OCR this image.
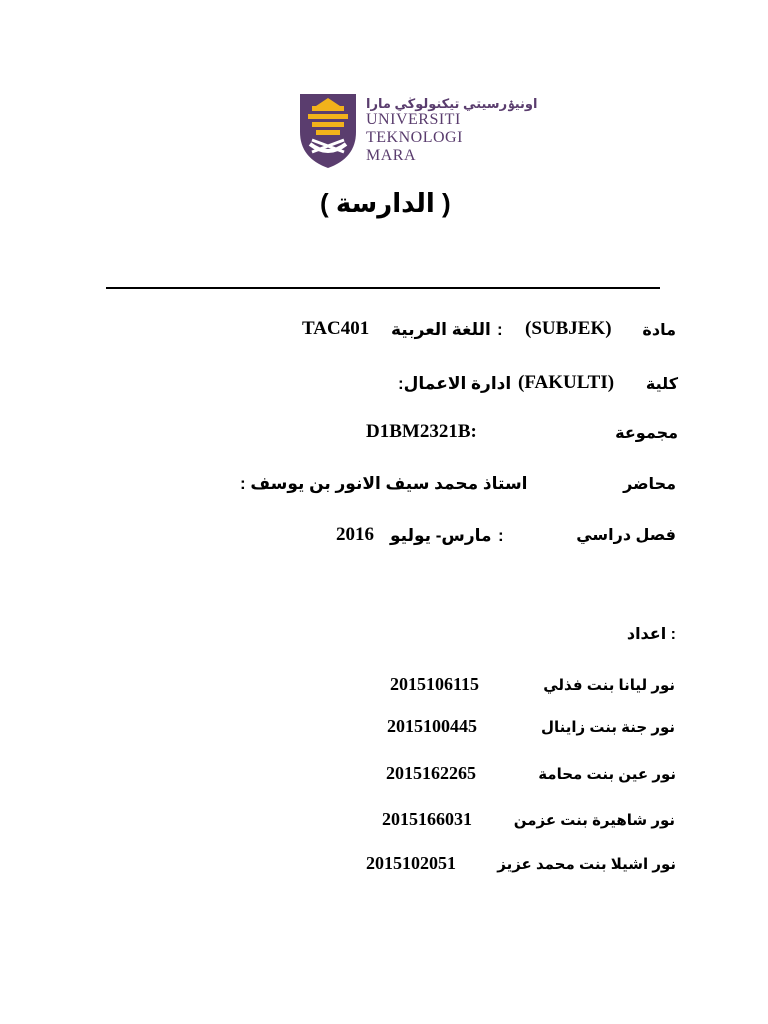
اونيۏرسيتي تيكنولوڬي مارا
UNIVERSITI
TEKNOLOGI
MARA
( الدارسة )
مادة
(SUBJEK)
:
اللغة العربية
TAC401
كلية
(FAKULTI)
:ادارة الاعمال
مجموعة
D1BM2321B:
محاضر
: استاذ محمد سيف الانور بن يوسف
فصل دراسي
:
مارس- يوليو
2016
اعداد :
نور ليانا بنت فذلي
2015106115
نور جنة بنت زاينال
2015100445
نور عين بنت محامة
2015162265
نور شاهيرة بنت عزمن
2015166031
نور اشيلا بنت محمد عزيز
2015102051
